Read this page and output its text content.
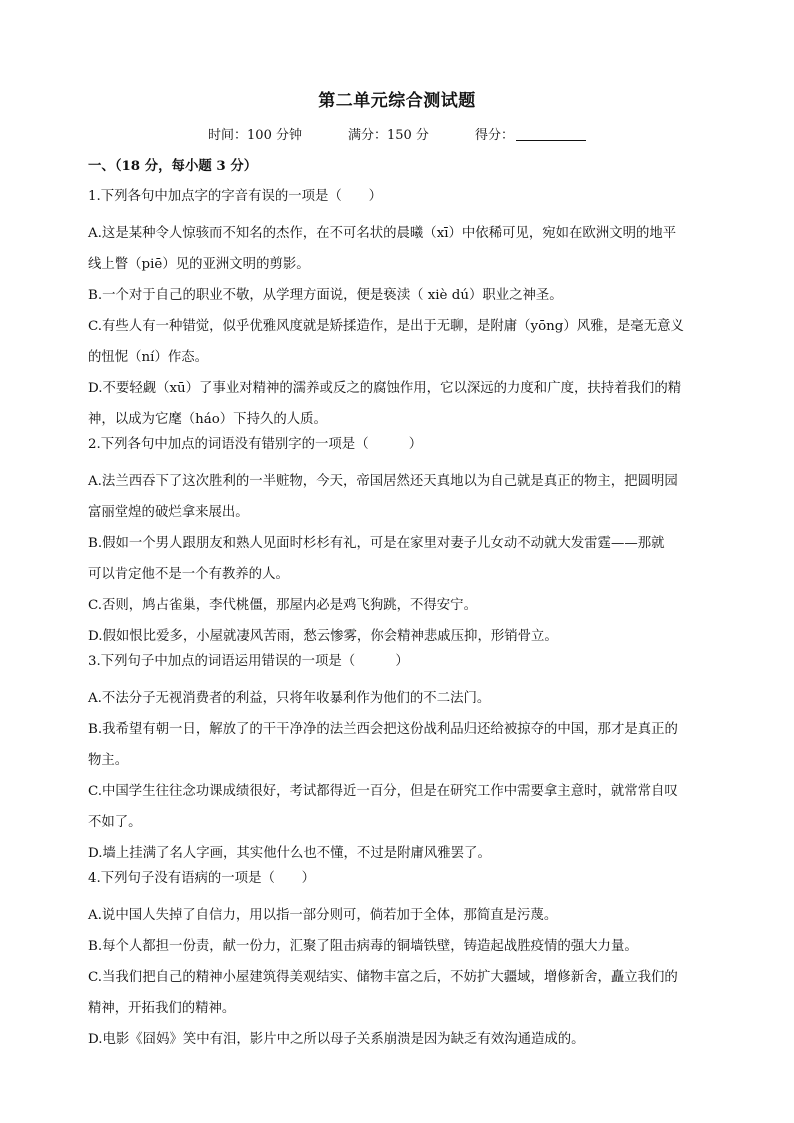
第二单元综合测试题
时间：100 分钟	满分：150 分	得分：
一、（18 分，每小题 3 分）
1.下列各句中加点字的字音有误的一项是（　　）
A.这是某种令人惊骇而不知名的杰作，在不可名状的晨曦（xī）中依稀可见，宛如在欧洲文明的地平
线上瞥（piē）见的亚洲文明的剪影。
B.一个对于自己的职业不敬，从学理方面说，便是亵渎（ xiè dú）职业之神圣。
C.有些人有一种错觉，似乎优雅风度就是矫揉造作，是出于无聊，是附庸（yōng）风雅，是毫无意义
的忸怩（ní）作态。
D.不要轻觑（xū）了事业对精神的濡养或反之的腐蚀作用，它以深远的力度和广度，扶持着我们的精
神，以成为它麾（háo）下持久的人质。
2.下列各句中加点的词语没有错别字的一项是（　　　）
A.法兰西吞下了这次胜利的一半赃物，今天，帝国居然还天真地以为自己就是真正的物主，把圆明园
富丽堂煌的破烂拿来展出。
B.假如一个男人跟朋友和熟人见面时杉杉有礼，可是在家里对妻子儿女动不动就大发雷霆——那就
可以肯定他不是一个有教养的人。
C.否则，鸠占雀巢，李代桃僵，那屋内必是鸡飞狗跳，不得安宁。
D.假如恨比爱多，小屋就凄风苦雨，愁云惨雾，你会精神悲戚压抑，形销骨立。
3.下列句子中加点的词语运用错误的一项是（　　　）
A.不法分子无视消费者的利益，只将年收暴利作为他们的不二法门。
B.我希望有朝一日，解放了的干干净净的法兰西会把这份战利品归还给被掠夺的中国，那才是真正的
物主。
C.中国学生往往念功课成绩很好，考试都得近一百分，但是在研究工作中需要拿主意时，就常常自叹
不如了。
D.墙上挂满了名人字画，其实他什么也不懂，不过是附庸风雅罢了。
4.下列句子没有语病的一项是（　　）
A.说中国人失掉了自信力，用以指一部分则可，倘若加于全体，那简直是污蔑。
B.每个人都担一份责，献一份力，汇聚了阻击病毒的铜墙铁壁，铸造起战胜疫情的强大力量。
C.当我们把自己的精神小屋建筑得美观结实、储物丰富之后，不妨扩大疆域，增修新舍，矗立我们的
精神，开拓我们的精神。
D.电影《囧妈》笑中有泪，影片中之所以母子关系崩溃是因为缺乏有效沟通造成的。
